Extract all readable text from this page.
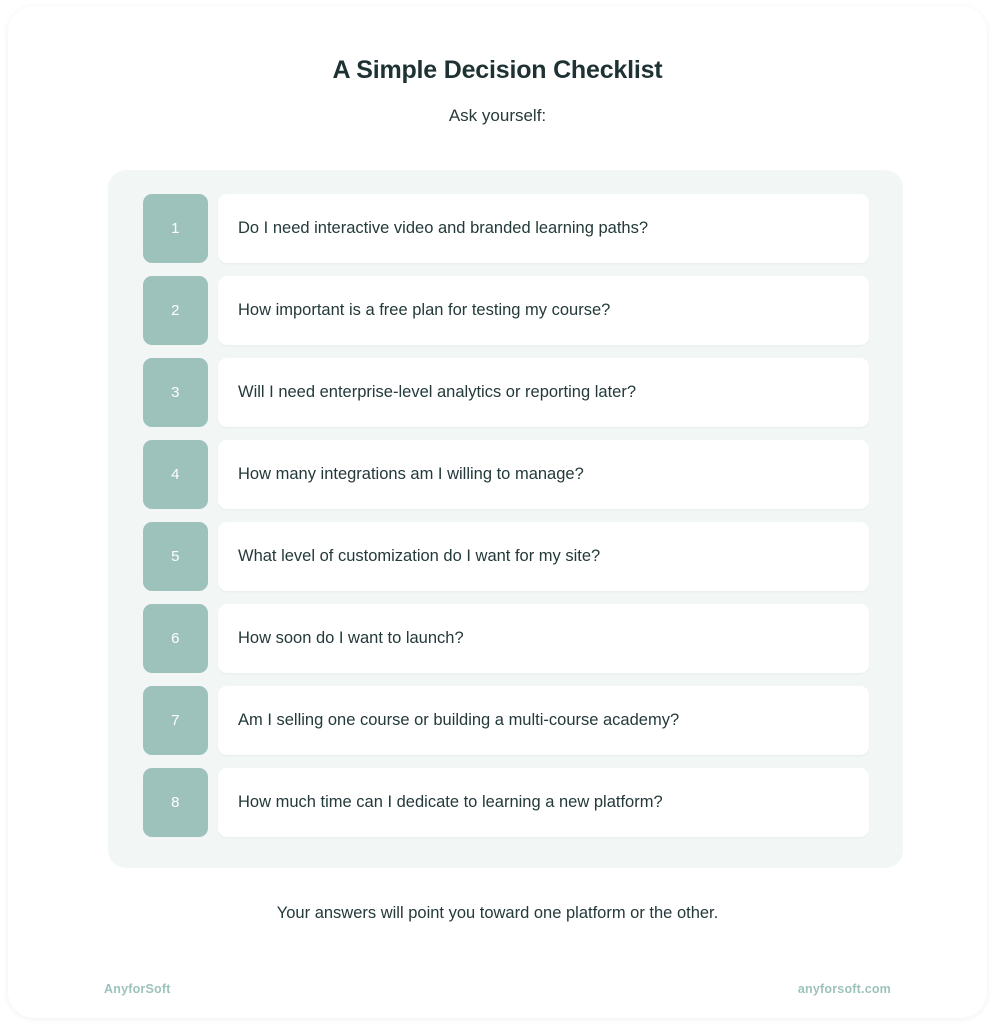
A Simple Decision Checklist

Ask yourself:

1	Do I need interactive video and branded learning paths?
2	How important is a free plan for testing my course?
3	Will I need enterprise-level analytics or reporting later?
4	How many integrations am I willing to manage?
5	What level of customization do I want for my site?
6	How soon do I want to launch?
7	Am I selling one course or building a multi-course academy?
8	How much time can I dedicate to learning a new platform?
Your answers will point you toward one platform or the other.
AnyforSoft	anyforsoft.com
